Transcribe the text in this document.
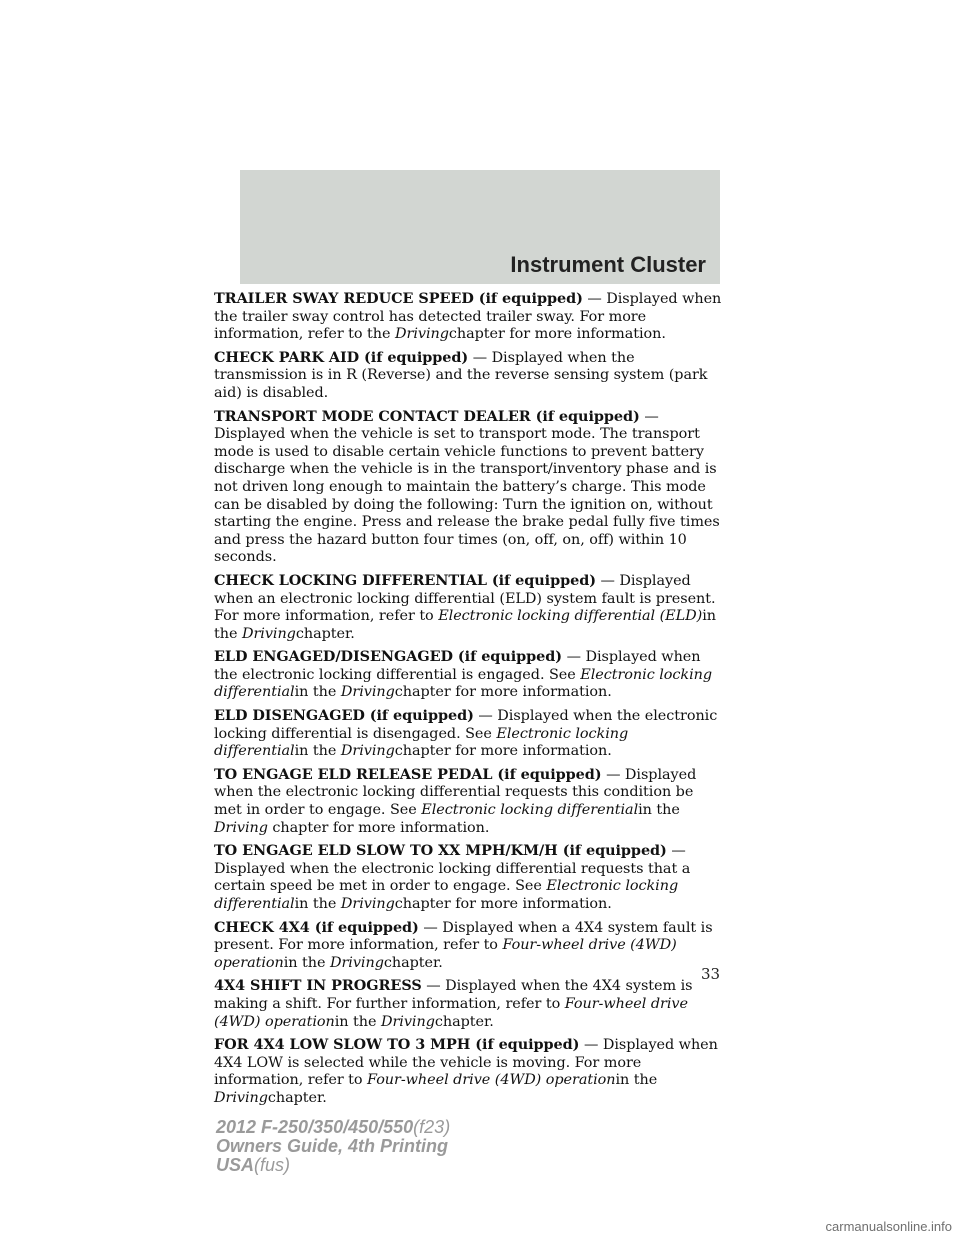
Instrument Cluster

TRAILER SWAY REDUCE SPEED (if equipped) — Displayed when the trailer sway control has detected trailer sway. For more information, refer to the Drivingchapter for more information.

CHECK PARK AID (if equipped) — Displayed when the transmission is in R (Reverse) and the reverse sensing system (park aid) is disabled.

TRANSPORT MODE CONTACT DEALER (if equipped) — Displayed when the vehicle is set to transport mode. The transport mode is used to disable certain vehicle functions to prevent battery discharge when the vehicle is in the transport/inventory phase and is not driven long enough to maintain the battery’s charge. This mode can be disabled by doing the following: Turn the ignition on, without starting the engine. Press and release the brake pedal fully five times and press the hazard button four times (on, off, on, off) within 10 seconds.

CHECK LOCKING DIFFERENTIAL (if equipped) — Displayed when an electronic locking differential (ELD) system fault is present. For more information, refer to Electronic locking differential (ELD)in the Drivingchapter.

ELD ENGAGED/DISENGAGED (if equipped) — Displayed when the electronic locking differential is engaged. See Electronic locking differentialin the Drivingchapter for more information.

ELD DISENGAGED (if equipped) — Displayed when the electronic locking differential is disengaged. See Electronic locking differentialin the Drivingchapter for more information.

TO ENGAGE ELD RELEASE PEDAL (if equipped) — Displayed when the electronic locking differential requests this condition be met in order to engage. See Electronic locking differentialin the Driving chapter for more information.

TO ENGAGE ELD SLOW TO XX MPH/KM/H (if equipped) — Displayed when the electronic locking differential requests that a certain speed be met in order to engage. See Electronic locking differentialin the Drivingchapter for more information.

CHECK 4X4 (if equipped) — Displayed when a 4X4 system fault is present. For more information, refer to Four-wheel drive (4WD) operationin the Drivingchapter.

4X4 SHIFT IN PROGRESS — Displayed when the 4X4 system is making a shift. For further information, refer to Four-wheel drive (4WD) operationin the Drivingchapter.

FOR 4X4 LOW SLOW TO 3 MPH (if equipped) — Displayed when 4X4 LOW is selected while the vehicle is moving. For more information, refer to Four-wheel drive (4WD) operationin the Drivingchapter.

33
2012 F-250/350/450/550(f23)
Owners Guide, 4th Printing
USA(fus)
carmanualsonline.info
